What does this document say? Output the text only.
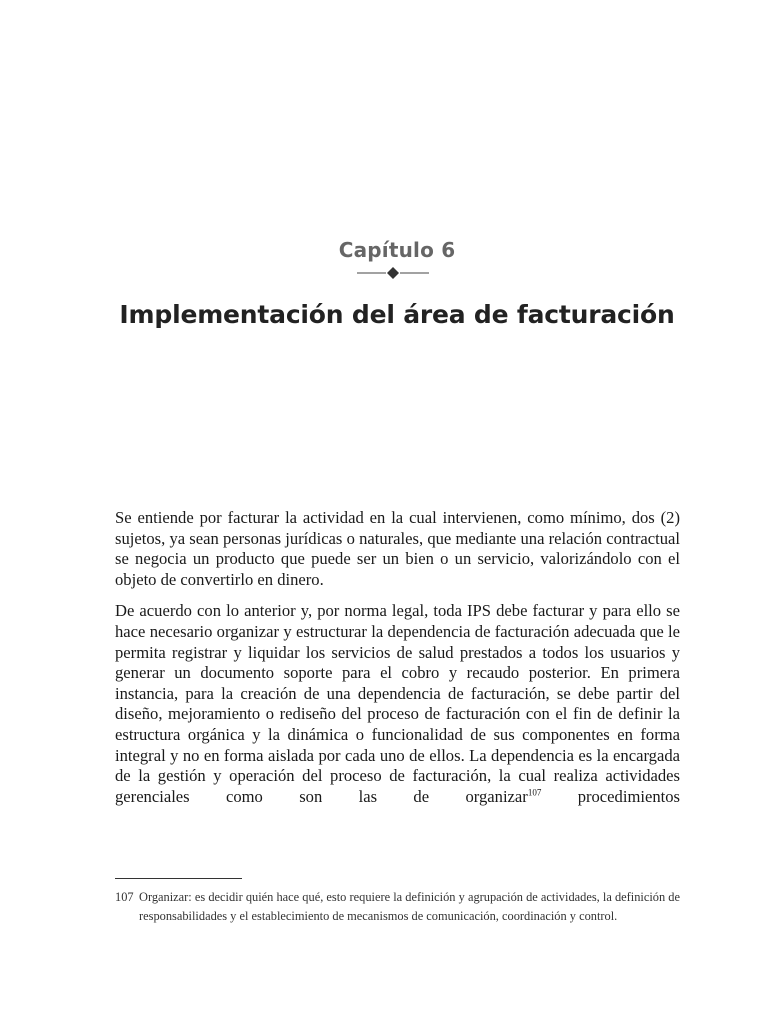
Capítulo 6
Implementación del área de facturación

Se entiende por facturar la actividad en la cual intervienen, como mínimo, dos (2) sujetos, ya sean personas jurídicas o naturales, que mediante una relación contractual se negocia un producto que puede ser un bien o un servicio, valorizándolo con el objeto de convertirlo en dinero.

De acuerdo con lo anterior y, por norma legal, toda IPS debe facturar y para ello se hace necesario organizar y estructurar la dependencia de facturación adecuada que le permita registrar y liquidar los servicios de salud prestados a todos los usuarios y generar un documento soporte para el cobro y recaudo posterior. En primera instancia, para la creación de una dependencia de facturación, se debe partir del diseño, mejoramiento o rediseño del proceso de facturación con el fin de definir la estructura orgánica y la dinámica o funcionalidad de sus componentes en forma integral y no en forma aislada por cada uno de ellos. La dependencia es la encargada de la gestión y operación del proceso de facturación, la cual realiza actividades gerenciales como son las de organizar$^{107}$ procedimientos

107 Organizar: es decidir quién hace qué, esto requiere la definición y agrupación de actividades, la definición de responsabilidades y el establecimiento de mecanismos de comunicación, coordinación y control.
